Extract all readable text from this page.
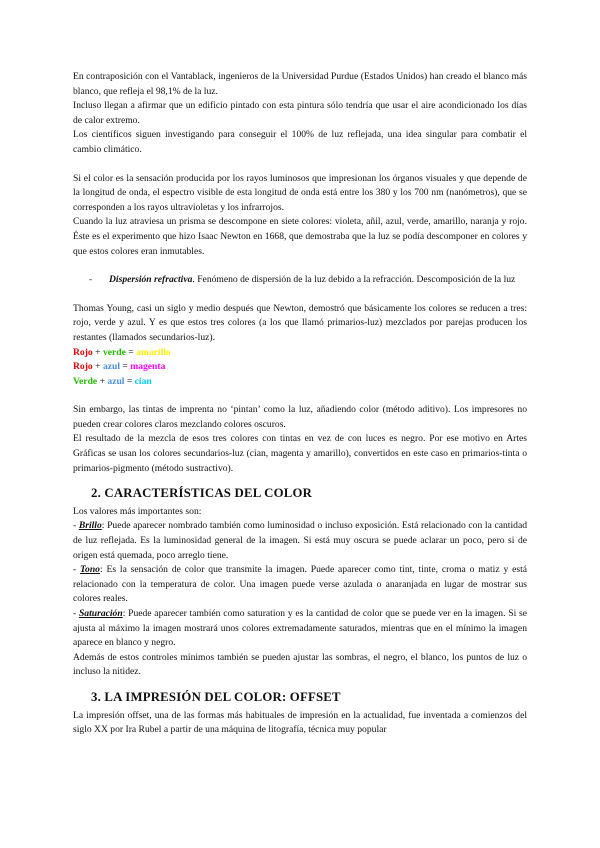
En contraposición con el Vantablack, ingenieros de la Universidad Purdue (Estados Unidos) han creado el blanco más blanco, que refleja el 98,1% de la luz.

Incluso llegan a afirmar que un edificio pintado con esta pintura sólo tendría que usar el aire acondicionado los días de calor extremo.

Los científicos siguen investigando para conseguir el 100% de luz reflejada, una idea singular para combatir el cambio climático.

Si el color es la sensación producida por los rayos luminosos que impresionan los órganos visuales y que depende de la longitud de onda, el espectro visible de esta longitud de onda está entre los 380 y los 700 nm (nanómetros), que se corresponden a los rayos ultravioletas y los infrarrojos.

Cuando la luz atraviesa un prisma se descompone en siete colores: violeta, añil, azul, verde, amarillo, naranja y rojo. Éste es el experimento que hizo Isaac Newton en 1668, que demostraba que la luz se podía descomponer en colores y que estos colores eran inmutables.

-	Dispersión refractiva. Fenómeno de dispersión de la luz debido a la refracción. Descomposición de la luz

Thomas Young, casi un siglo y medio después que Newton, demostró que básicamente los colores se reducen a tres: rojo, verde y azul. Y es que estos tres colores (a los que llamó primarios-luz) mezclados por parejas producen los restantes (llamados secundarios-luz).

Rojo + verde = amarillo

Rojo + azul = magenta

Verde + azul = cian

Sin embargo, las tintas de imprenta no ‘pintan’ como la luz, añadiendo color (método aditivo). Los impresores no pueden crear colores claros mezclando colores oscuros.

El resultado de la mezcla de esos tres colores con tintas en vez de con luces es negro. Por ese motivo en Artes Gráficas se usan los colores secundarios-luz (cian, magenta y amarillo), convertidos en este caso en primarios-tinta o primarios-pigmento (método sustractivo).

2. CARACTERÍSTICAS DEL COLOR

Los valores más importantes son:

- Brillo: Puede aparecer nombrado también como luminosidad o incluso exposición. Está relacionado con la cantidad de luz reflejada. Es la luminosidad general de la imagen. Si está muy oscura se puede aclarar un poco, pero si de origen está quemada, poco arreglo tiene.

- Tono: Es la sensación de color que transmite la imagen. Puede aparecer como tint, tinte, croma o matiz y está relacionado con la temperatura de color. Una imagen puede verse azulada o anaranjada en lugar de mostrar sus colores reales.

- Saturación: Puede aparecer también como saturation y es la cantidad de color que se puede ver en la imagen. Si se ajusta al máximo la imagen mostrará unos colores extremadamente saturados, mientras que en el mínimo la imagen aparece en blanco y negro.

Además de estos controles mínimos también se pueden ajustar las sombras, el negro, el blanco, los puntos de luz o incluso la nitidez.

3. LA IMPRESIÓN DEL COLOR: OFFSET

La impresión offset, una de las formas más habituales de impresión en la actualidad, fue inventada a comienzos del siglo XX por Ira Rubel a partir de una máquina de litografía, técnica muy popular
